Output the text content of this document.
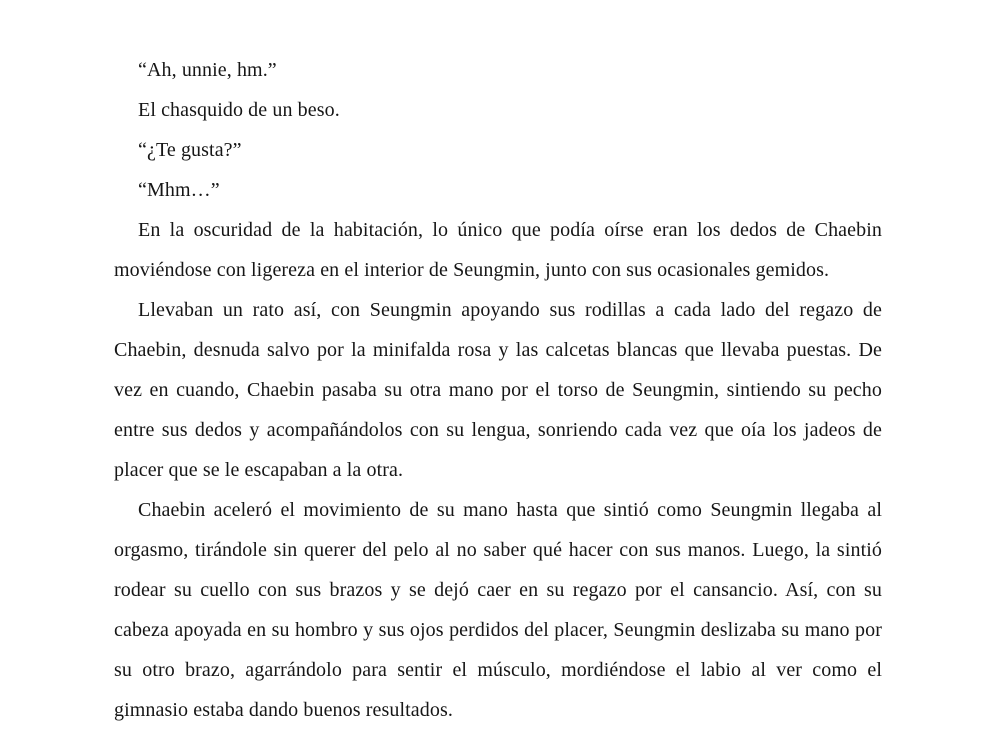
“Ah, unnie, hm.”

El chasquido de un beso.

“¿Te gusta?”

“Mhm…”

En la oscuridad de la habitación, lo único que podía oírse eran los dedos de Chaebin moviéndose con ligereza en el interior de Seungmin, junto con sus ocasionales gemidos.

Llevaban un rato así, con Seungmin apoyando sus rodillas a cada lado del regazo de Chaebin, desnuda salvo por la minifalda rosa y las calcetas blancas que llevaba puestas. De vez en cuando, Chaebin pasaba su otra mano por el torso de Seungmin, sintiendo su pecho entre sus dedos y acompañándolos con su lengua, sonriendo cada vez que oía los jadeos de placer que se le escapaban a la otra.

Chaebin aceleró el movimiento de su mano hasta que sintió como Seungmin llegaba al orgasmo, tirándole sin querer del pelo al no saber qué hacer con sus manos. Luego, la sintió rodear su cuello con sus brazos y se dejó caer en su regazo por el cansancio. Así, con su cabeza apoyada en su hombro y sus ojos perdidos del placer, Seungmin deslizaba su mano por su otro brazo, agarrándolo para sentir el músculo, mordiéndose el labio al ver como el gimnasio estaba dando buenos resultados.
